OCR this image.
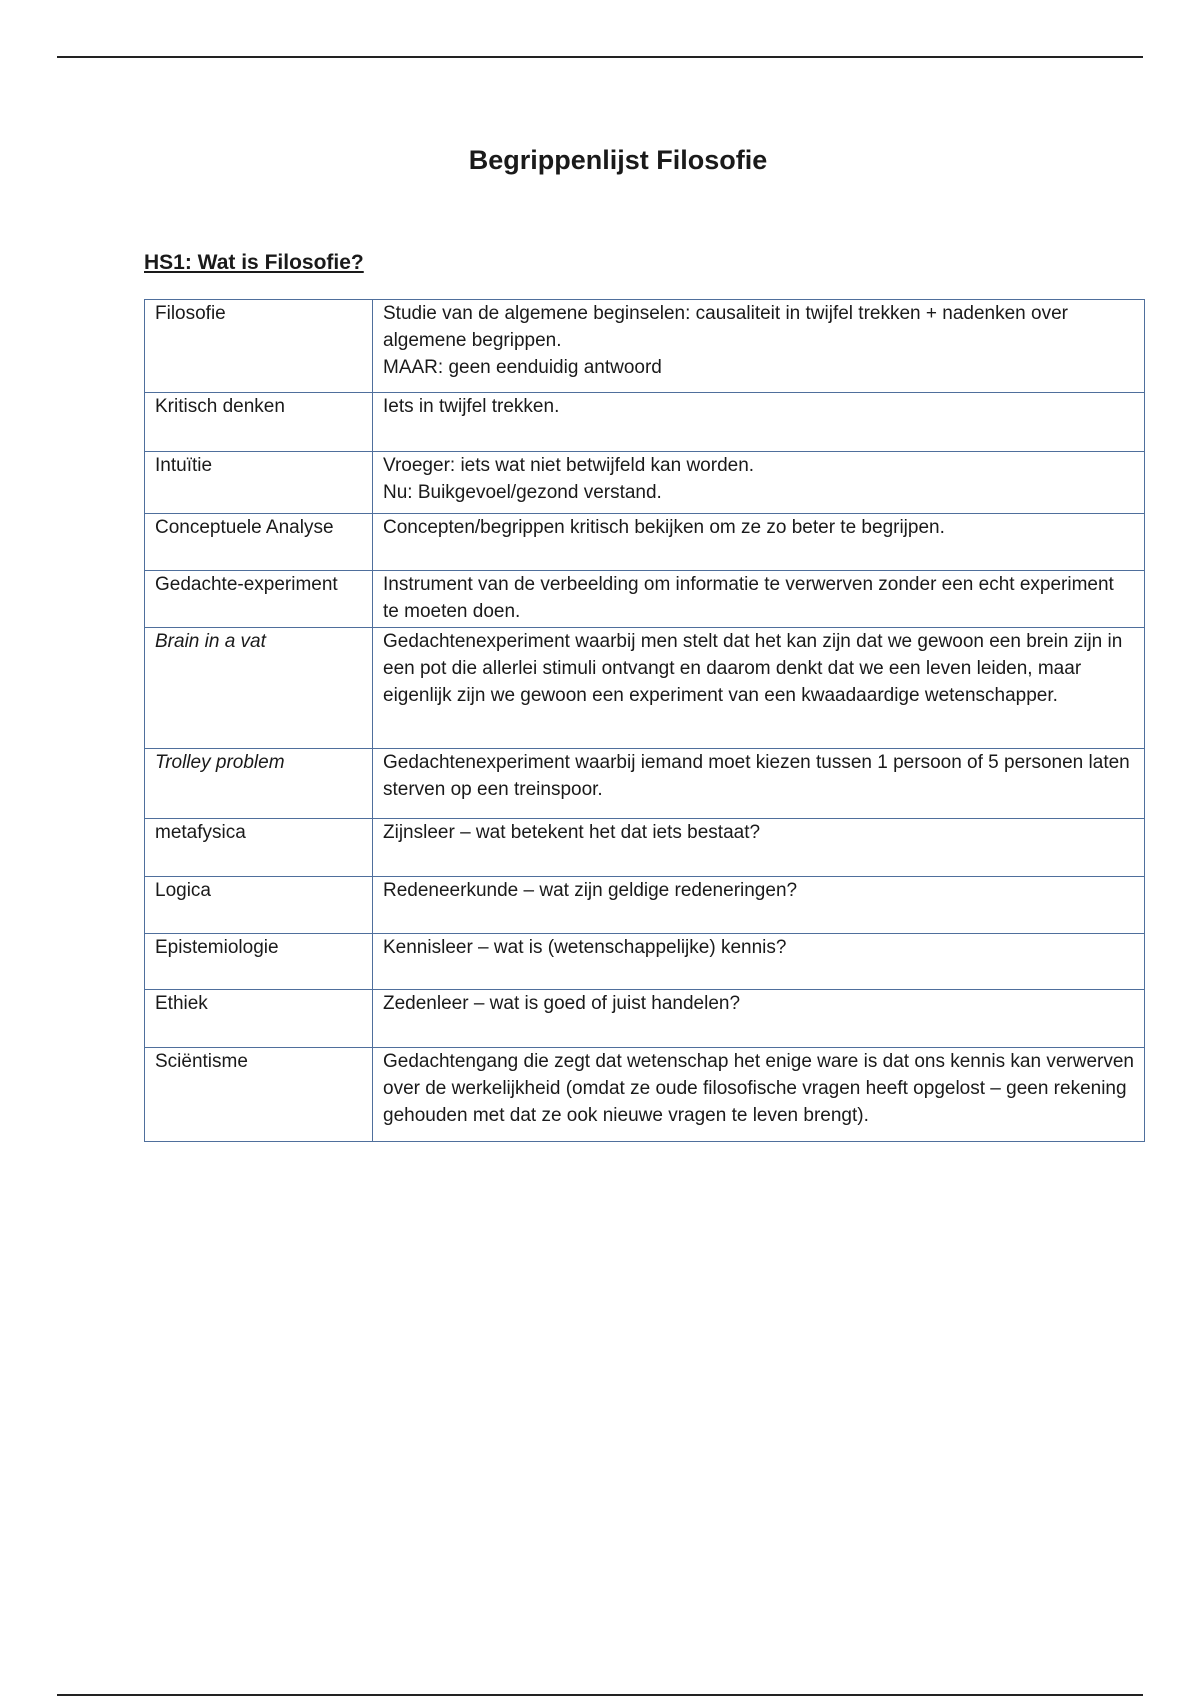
Begrippenlijst Filosofie
HS1: Wat is Filosofie?
Filosofie	Studie van de algemene beginselen: causaliteit in twijfel trekken + nadenken over algemene begrippen.
MAAR: geen eenduidig antwoord

Kritisch denken	Iets in twijfel trekken.

Intuïtie	Vroeger: iets wat niet betwijfeld kan worden.
Nu: Buikgevoel/gezond verstand.

Conceptuele Analyse	Concepten/begrippen kritisch bekijken om ze zo beter te begrijpen.

Gedachte-experiment	Instrument van de verbeelding om informatie te verwerven zonder een echt experiment te moeten doen.

Brain in a vat	Gedachtenexperiment waarbij men stelt dat het kan zijn dat we gewoon een brein zijn in een pot die allerlei stimuli ontvangt en daarom denkt dat we een leven leiden, maar eigenlijk zijn we gewoon een experiment van een kwaadaardige wetenschapper.

Trolley problem	Gedachtenexperiment waarbij iemand moet kiezen tussen 1 persoon of 5 personen laten sterven op een treinspoor.

metafysica	Zijnsleer – wat betekent het dat iets bestaat?

Logica	Redeneerkunde – wat zijn geldige redeneringen?

Epistemiologie	Kennisleer – wat is (wetenschappelijke) kennis?

Ethiek	Zedenleer – wat is goed of juist handelen?

Sciëntisme	Gedachtengang die zegt dat wetenschap het enige ware is dat ons kennis kan verwerven over de werkelijkheid (omdat ze oude filosofische vragen heeft opgelost – geen rekening gehouden met dat ze ook nieuwe vragen te leven brengt).
